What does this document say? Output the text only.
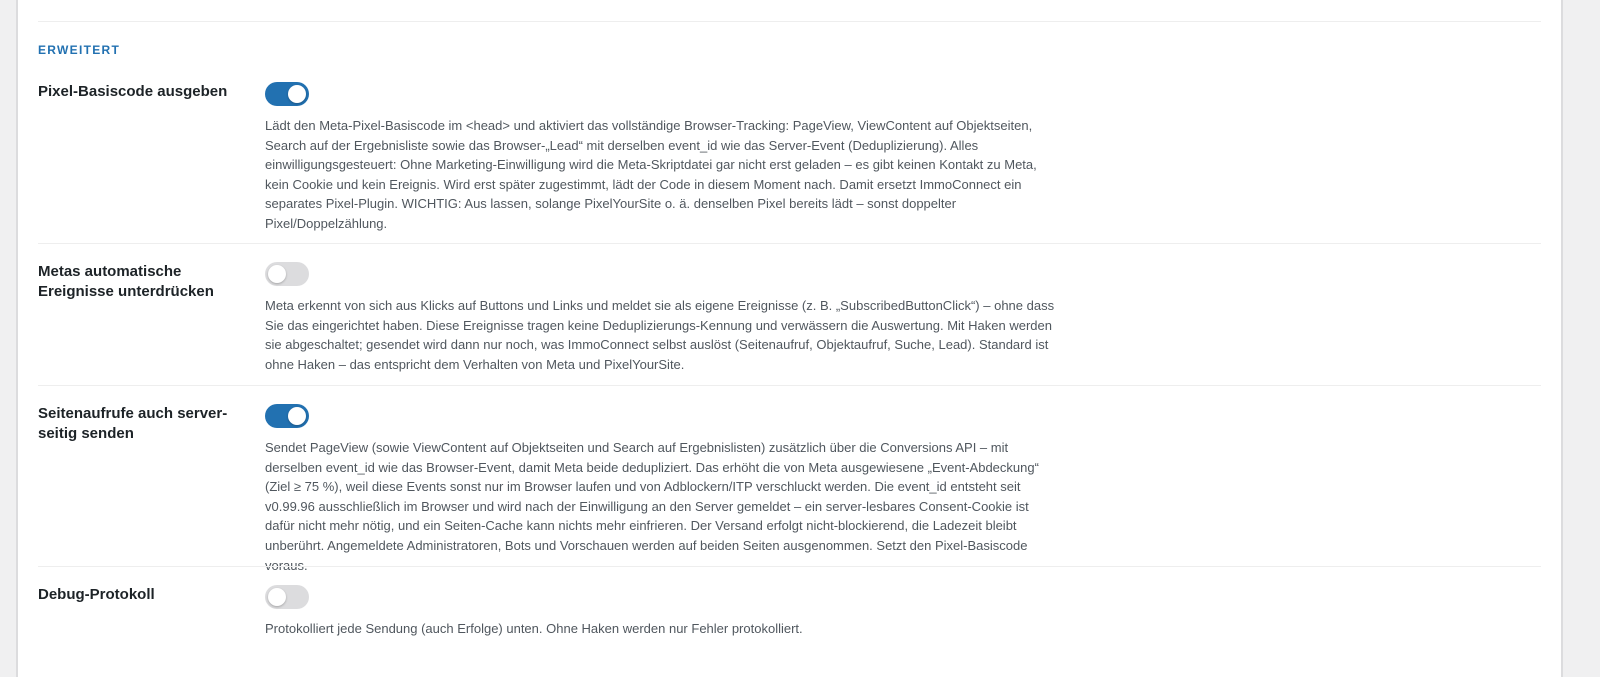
ERWEITERT
Pixel-Basiscode ausgeben
Lädt den Meta-Pixel-Basiscode im <head> und aktiviert das vollständige Browser-Tracking: PageView, ViewContent auf Objektseiten, Search auf der Ergebnisliste sowie das Browser-„Lead“ mit derselben event_id wie das Server-Event (Deduplizierung). Alles einwilligungsgesteuert: Ohne Marketing-Einwilligung wird die Meta-Skriptdatei gar nicht erst geladen – es gibt keinen Kontakt zu Meta, kein Cookie und kein Ereignis. Wird erst später zugestimmt, lädt der Code in diesem Moment nach. Damit ersetzt ImmoConnect ein separates Pixel-Plugin. WICHTIG: Aus lassen, solange PixelYourSite o. ä. denselben Pixel bereits lädt – sonst doppelter Pixel/Doppelzählung.
Metas automatische Ereignisse unterdrücken
Meta erkennt von sich aus Klicks auf Buttons und Links und meldet sie als eigene Ereignisse (z. B. „SubscribedButtonClick“) – ohne dass Sie das eingerichtet haben. Diese Ereignisse tragen keine Deduplizierungs-Kennung und verwässern die Auswertung. Mit Haken werden sie abgeschaltet; gesendet wird dann nur noch, was ImmoConnect selbst auslöst (Seitenaufruf, Objektaufruf, Suche, Lead). Standard ist ohne Haken – das entspricht dem Verhalten von Meta und PixelYourSite.
Seitenaufrufe auch server-seitig senden
Sendet PageView (sowie ViewContent auf Objektseiten und Search auf Ergebnislisten) zusätzlich über die Conversions API – mit derselben event_id wie das Browser-Event, damit Meta beide dedupliziert. Das erhöht die von Meta ausgewiesene „Event-Abdeckung“ (Ziel ≥ 75 %), weil diese Events sonst nur im Browser laufen und von Adblockern/ITP verschluckt werden. Die event_id entsteht seit v0.99.96 ausschließlich im Browser und wird nach der Einwilligung an den Server gemeldet – ein server-lesbares Consent-Cookie ist dafür nicht mehr nötig, und ein Seiten-Cache kann nichts mehr einfrieren. Der Versand erfolgt nicht-blockierend, die Ladezeit bleibt unberührt. Angemeldete Administratoren, Bots und Vorschauen werden auf beiden Seiten ausgenommen. Setzt den Pixel-Basiscode
Debug-Protokoll
Protokolliert jede Sendung (auch Erfolge) unten. Ohne Haken werden nur Fehler protokolliert.
